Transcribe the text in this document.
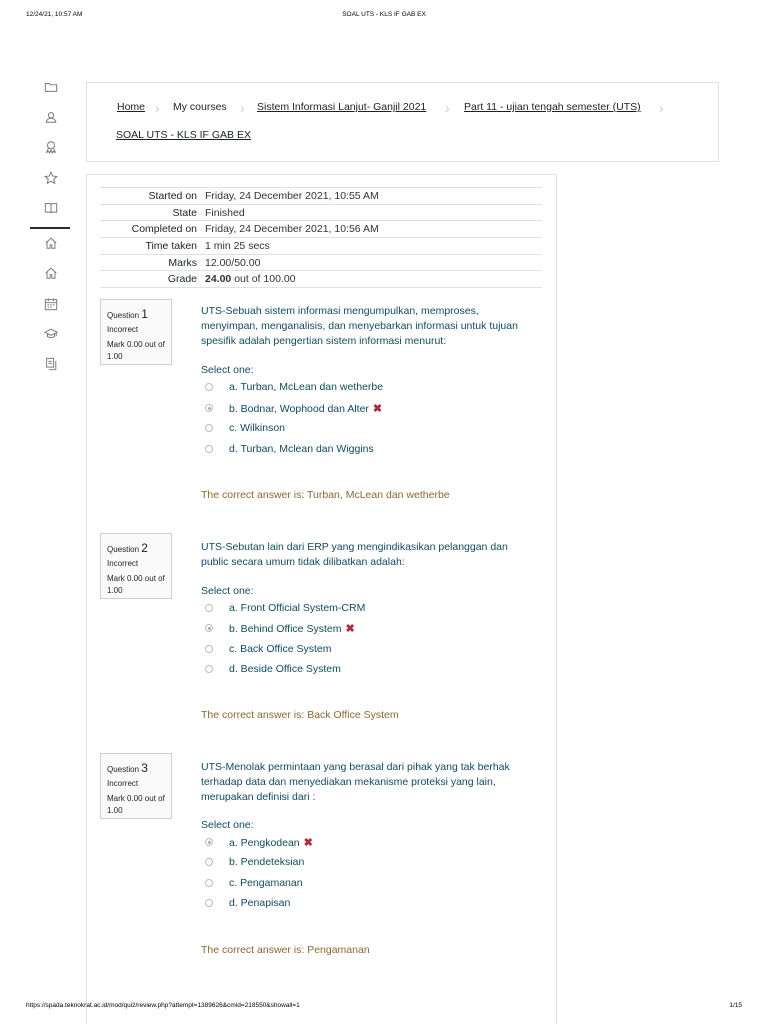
12/24/21, 10:57 AM	SOAL UTS - KLS IF GAB EX
Home › My courses › Sistem Informasi Lanjut- Ganjil 2021 › Part 11 - ujian tengah semester (UTS) ›
SOAL UTS - KLS IF GAB EX
Started on	Friday, 24 December 2021, 10:55 AM
State	Finished
Completed on	Friday, 24 December 2021, 10:56 AM
Time taken	1 min 25 secs
Marks	12.00/50.00
Grade	24.00 out of 100.00
Question 1
Incorrect
Mark 0.00 out of 1.00
UTS-Sebuah sistem informasi mengumpulkan, memproses, menyimpan, menganalisis, dan menyebarkan informasi untuk tujuan spesifik adalah pengertian sistem informasi menurut:
Select one:
a. Turban, McLean dan wetherbe
b. Bodnar, Wophood dan Alter ✖
c. Wilkinson
d. Turban, Mclean dan Wiggins
The correct answer is: Turban, McLean dan wetherbe
Question 2
Incorrect
Mark 0.00 out of 1.00
UTS-Sebutan lain dari ERP yang mengindikasikan pelanggan dan public secara umum tidak dilibatkan adalah:
Select one:
a. Front Official System-CRM
b. Behind Office System ✖
c. Back Office System
d. Beside Office System
The correct answer is: Back Office System
Question 3
Incorrect
Mark 0.00 out of 1.00
UTS-Menolak permintaan yang berasal dari pihak yang tak berhak terhadap data dan menyediakan mekanisme proteksi yang lain, merupakan definisi dari :
Select one:
a. Pengkodean ✖
b. Pendeteksian
c. Pengamanan
d. Penapisan
The correct answer is: Pengamanan
https://spada.teknokrat.ac.id/mod/quiz/review.php?attempt=1389626&cmid=218550&showall=1	1/15
